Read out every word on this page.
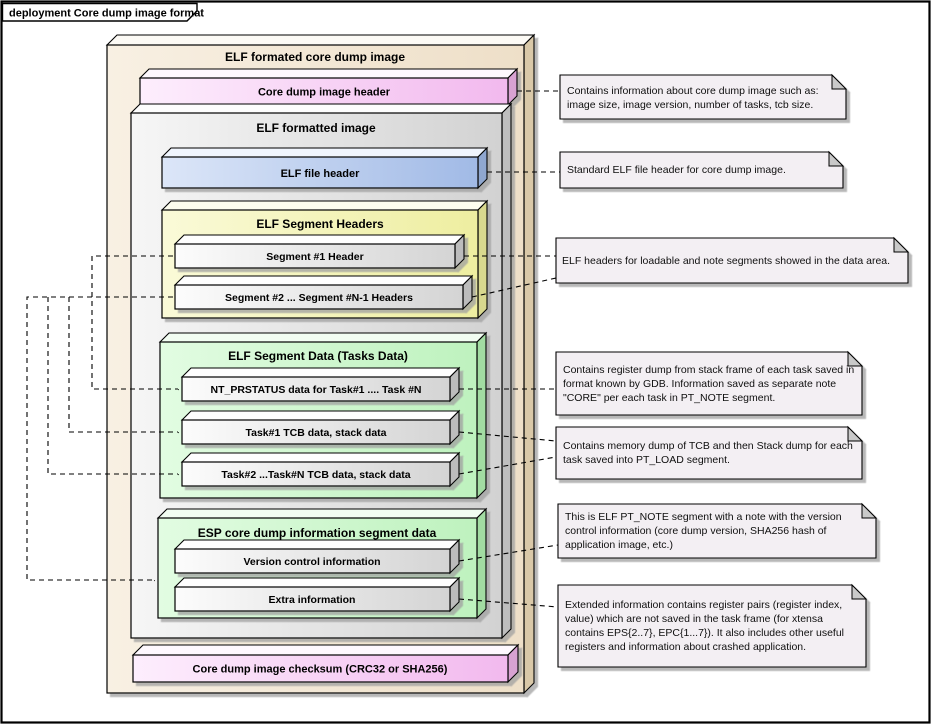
deployment Core dump image format
ELF formated core dump image
Core dump image header
ELF formatted image
ELF file header
ELF Segment Headers
Segment #1 Header
Segment #2 ... Segment #N-1 Headers
ELF Segment Data (Tasks Data)
NT_PRSTATUS data for Task#1 .... Task #N
Task#1 TCB data, stack data
Task#2 ...Task#N TCB data, stack data
ESP core dump information segment data
Version control information
Extra information
Core dump image checksum (CRC32 or SHA256)
Contains information about core dump image such as: image size, image version, number of tasks, tcb size.
Standard ELF file header for core dump image.
ELF headers for loadable and note segments showed in the data area.
Contains register dump from stack frame of each task saved in format known by GDB. Information saved as separate note "CORE" per each task in PT_NOTE segment.
Contains memory dump of TCB and then Stack dump for each task saved into PT_LOAD segment.
This is ELF PT_NOTE segment with a note with the version control information (core dump version, SHA256 hash of application image, etc.)
Extended information contains register pairs (register index, value) which are not saved in the task frame (for xtensa contains EPS{2..7}, EPC{1...7}). It also includes other useful registers and information about crashed application.
